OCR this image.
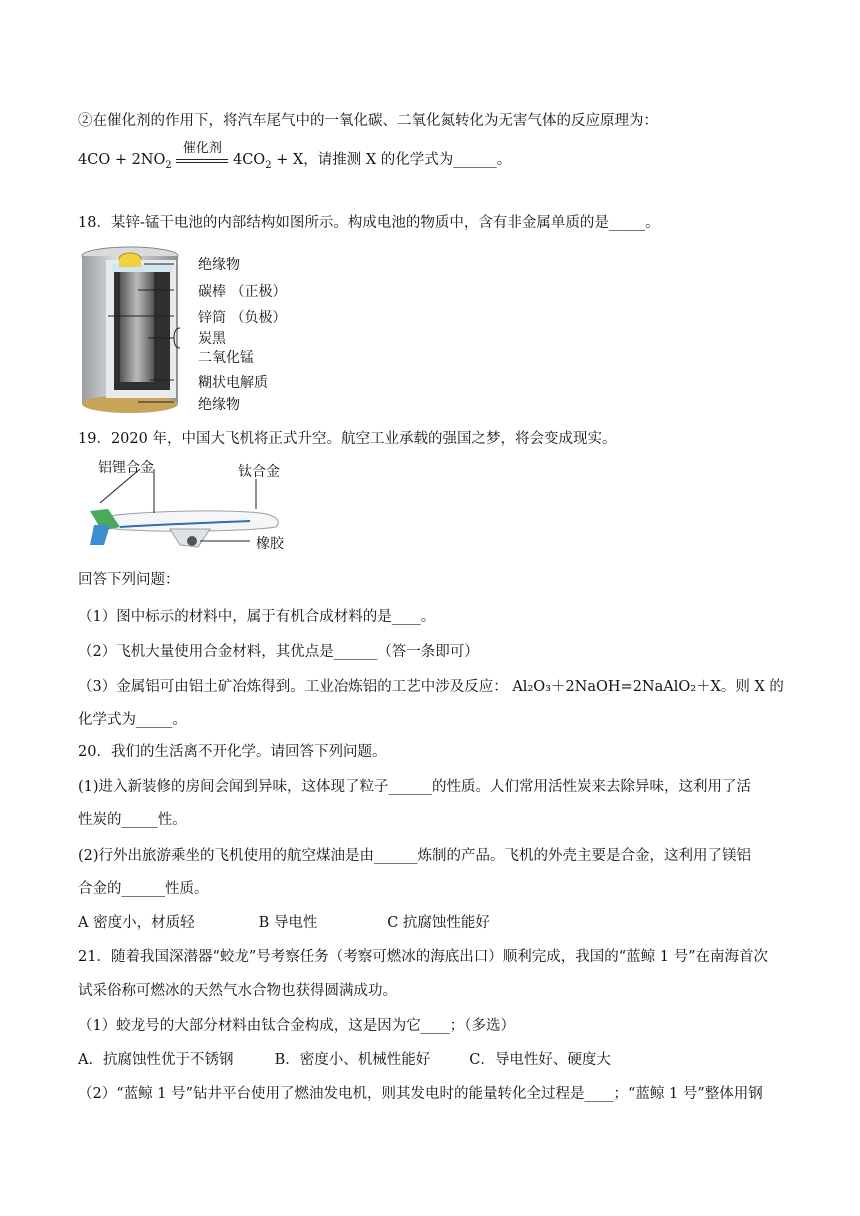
②在催化剂的作用下，将汽车尾气中的一氧化碳、二氧化氮转化为无害气体的反应原理为：
$4CO + 2NO_2$
催化剂
$4CO_2 + X$，请推测 X 的化学式为______。
18．某锌-锰干电池的内部结构如图所示。构成电池的物质中，含有非金属单质的是_____。
绝缘物
碳棒 （正极）
锌筒 （负极）
炭黑
二氧化锰
糊状电解质
绝缘物
19．2020 年，中国大飞机将正式升空。航空工业承载的强国之梦，将会变成现实。
铝锂合金	钛合金
橡胶
回答下列问题：
（1）图中标示的材料中，属于有机合成材料的是____。
（2）飞机大量使用合金材料，其优点是______（答一条即可）
（3）金属铝可由铝土矿冶炼得到。工业冶炼铝的工艺中涉及反应： Al₂O₃＋2NaOH=2NaAlO₂＋X。则 X 的
化学式为_____。
20．我们的生活离不开化学。请回答下列问题。
(1)进入新装修的房间会闻到异味，这体现了粒子______的性质。人们常用活性炭来去除异味，这利用了活
性炭的_____性。
(2)行外出旅游乘坐的飞机使用的航空煤油是由______炼制的产品。飞机的外壳主要是合金，这利用了镁铝
合金的______性质。
A 密度小，材质轻	B 导电性	C 抗腐蚀性能好
21．随着我国深潜器“蛟龙”号考察任务（考察可燃冰的海底出口）顺利完成，我国的“蓝鲸 1 号”在南海首次
试采俗称可燃冰的天然气水合物也获得圆满成功。
（1）蛟龙号的大部分材料由钛合金构成，这是因为它____；（多选）
A．抗腐蚀性优于不锈钢	B．密度小、机械性能好	C．导电性好、硬度大
（2）“蓝鲸 1 号”钻井平台使用了燃油发电机，则其发电时的能量转化全过程是____；“蓝鲸 1 号”整体用钢
